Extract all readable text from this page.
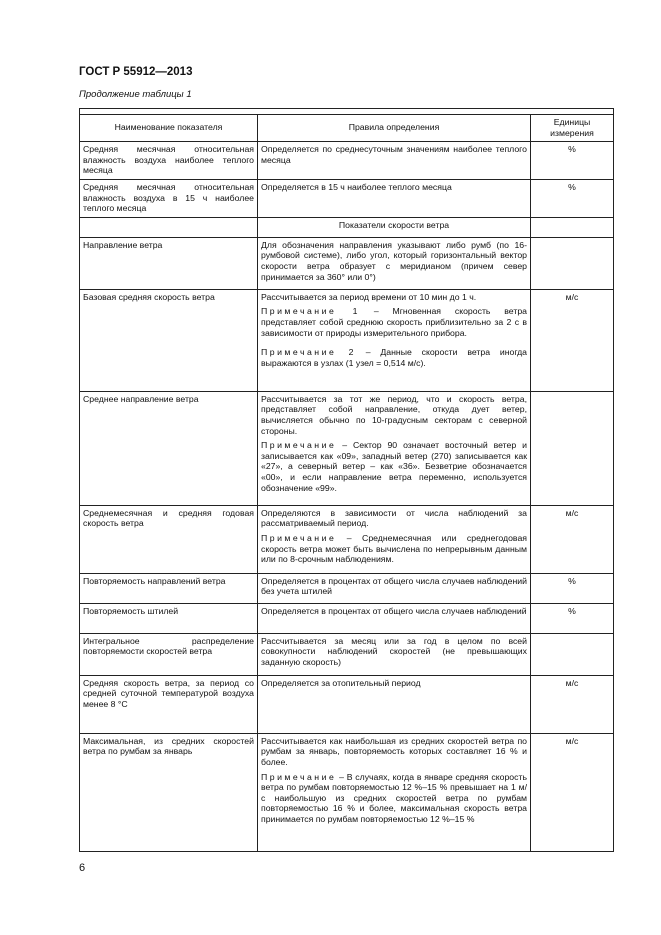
ГОСТ Р 55912—2013
Продолжение таблицы 1

Наименование показателя	Правила определения	Единицы измерения
Средняя месячная относительная влажность воздуха наиболее теплого месяца	Определяется по среднесуточным значениям наиболее теплого месяца	%
Средняя месячная относительная влажность воздуха в 15 ч наиболее теплого месяца	Определяется в 15 ч наиболее теплого месяца	%
	Показатели скорости ветра	
Направление ветра	Для обозначения направления указывают либо румб (по 16-румбовой системе), либо угол, который горизонтальный вектор скорости ветра образует с меридианом (причем север принимается за 360° или 0°)	
Базовая средняя скорость ветра	Рассчитывается за период времени от 10 мин до 1 ч.
Примечание 1 – Мгновенная скорость ветра представляет собой среднюю скорость приблизительно за 2 с в зависимости от природы измерительного прибора.
Примечание 2 – Данные скорости ветра иногда выражаются в узлах (1 узел = 0,514 м/с).	м/с
Среднее направление ветра	Рассчитывается за тот же период, что и скорость ветра, представляет собой направление, откуда дует ветер, вычисляется обычно по 10-градусным секторам с северной стороны.
Примечание – Сектор 90 означает восточный ветер и записывается как «09», западный ветер (270) записывается как «27», а северный ветер – как «36». Безветрие обозначается «00», и если направление ветра переменно, используется обозначение «99».	

Среднемесячная и средняя годовая скорость ветра	Определяются в зависимости от числа наблюдений за рассматриваемый период.
Примечание – Среднемесячная или среднегодовая скорость ветра может быть вычислена по непрерывным данным или по 8-срочным наблюдениям.	м/с
Повторяемость направлений ветра	Определяется в процентах от общего числа случаев наблюдений без учета штилей	%
Повторяемость штилей	Определяется в процентах от общего числа случаев наблюдений	%
Интегральное распределение повторяемости скоростей ветра	Рассчитывается за месяц или за год в целом по всей совокупности наблюдений скоростей (не превышающих заданную скорость)	
Средняя скорость ветра, за период со средней суточной температурой воздуха менее 8 °С	Определяется за отопительный период	м/с
Максимальная, из средних скоростей ветра по румбам за январь	Рассчитывается как наибольшая из средних скоростей ветра по румбам за январь, повторяемость которых составляет 16 % и более.
Примечание – В случаях, когда в январе средняя скорость ветра по румбам повторяемостью 12 %–15 % превышает на 1 м/с наибольшую из средних скоростей ветра по румбам повторяемостью 16 % и более, максимальная скорость ветра принимается по румбам повторяемостью 12 %–15 %	м/с
6
